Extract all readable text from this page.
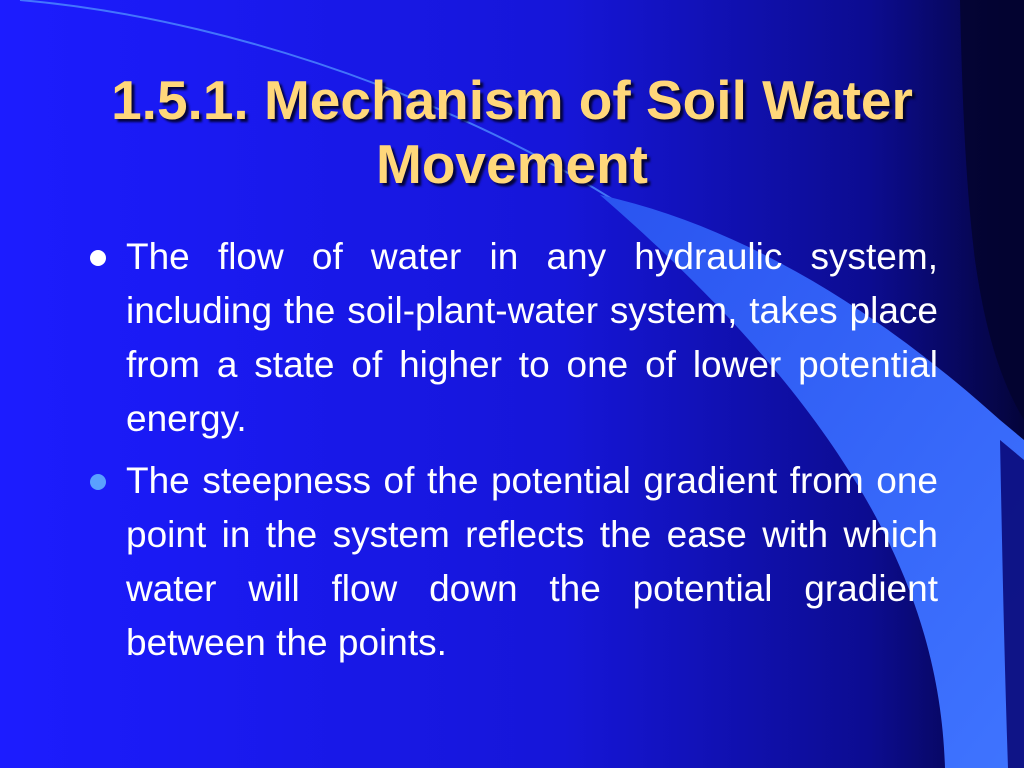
1.5.1. Mechanism of Soil Water Movement
The flow of water in any hydraulic system, including the soil-plant-water system, takes place from a state of higher to one of lower potential energy.
The steepness of the potential gradient from one point in the system reflects the ease with which water will flow down the potential gradient between the points.
